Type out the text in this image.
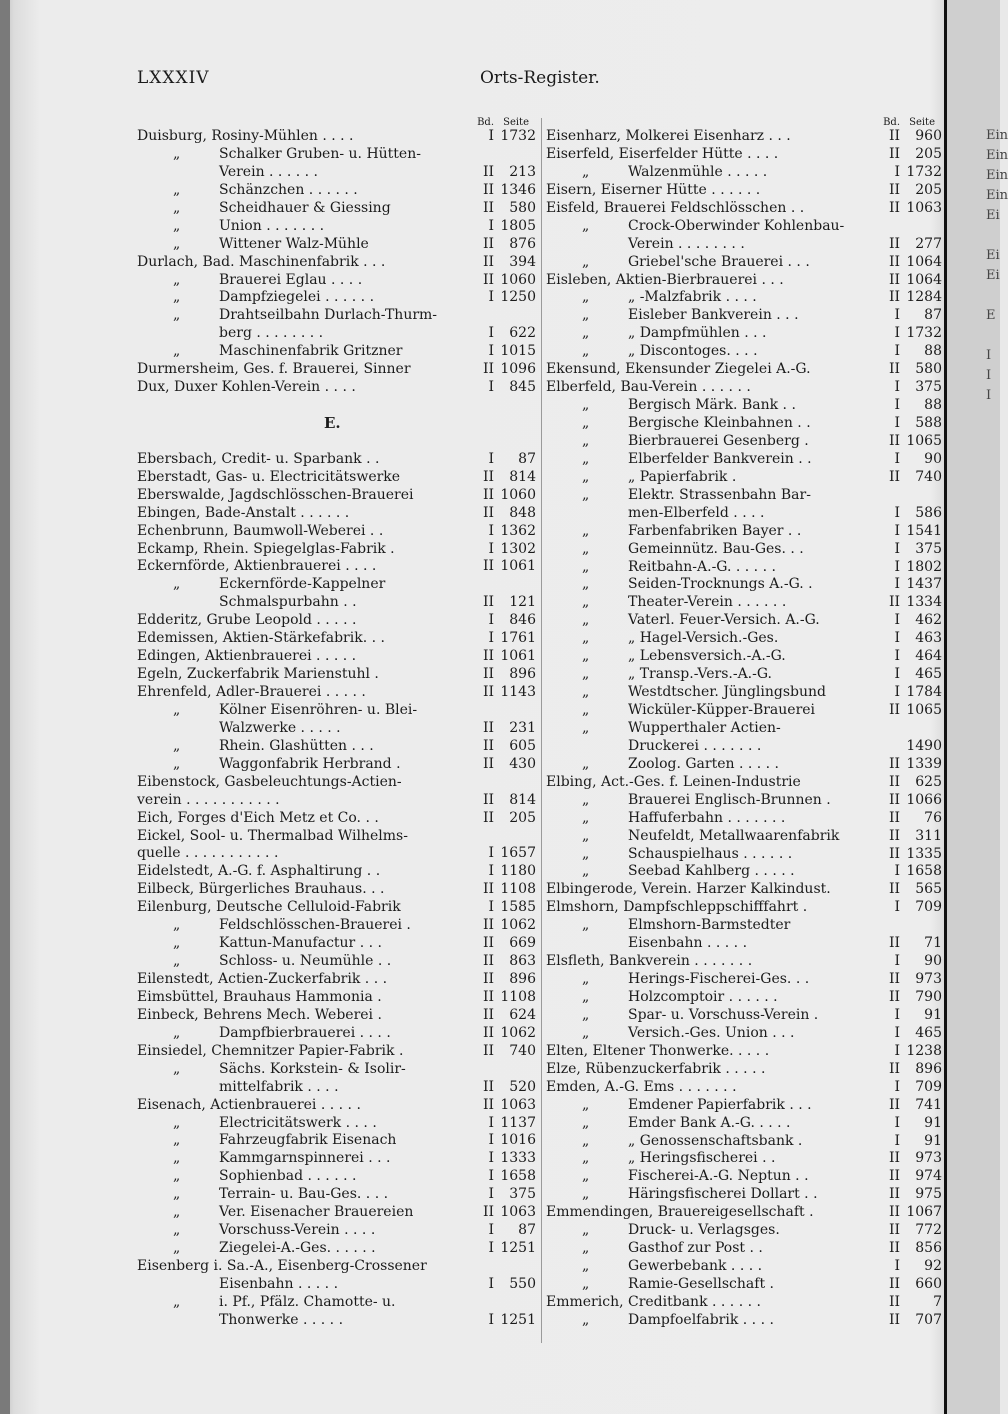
Ein
Ein
Ein
Ein
Ei
Ei
Ei
E
I
I
I
LXXXIV	Orts-Register.
Bd. Seite
Duisburg, Rosiny-Mühlen . . . .	I 1732
„	Schalker Gruben- u. Hütten-
Verein . . . . . .	II 213
„	Schänzchen . . . . . .	II 1346
„	Scheidhauer & Giessing	II 580
„	Union . . . . . . .	I 1805
„	Wittener Walz-Mühle	II 876
Durlach, Bad. Maschinenfabrik . . .	II 394
„	Brauerei Eglau . . . .	II 1060
„	Dampfziegelei . . . . . .	I 1250
„	Drahtseilbahn Durlach-Thurm-
berg . . . . . . . .	I 622
„	Maschinenfabrik Gritzner	I 1015
Durmersheim, Ges. f. Brauerei, Sinner	II 1096
Dux, Duxer Kohlen-Verein . . . .	I 845
E.
Ebersbach, Credit- u. Sparbank . .	I 87
Eberstadt, Gas- u. Electricitätswerke	II 814
Eberswalde, Jagdschlösschen-Brauerei	II 1060
Ebingen, Bade-Anstalt . . . . . .	II 848
Echenbrunn, Baumwoll-Weberei . .	I 1362
Eckamp, Rhein. Spiegelglas-Fabrik .	I 1302
Eckernförde, Aktienbrauerei . . . .	II 1061
„	Eckernförde-Kappelner
Schmalspurbahn . .	II 121
Edderitz, Grube Leopold . . . . .	I 846
Edemissen, Aktien-Stärkefabrik. . .	I 1761
Edingen, Aktienbrauerei . . . . .	II 1061
Egeln, Zuckerfabrik Marienstuhl .	II 896
Ehrenfeld, Adler-Brauerei . . . . .	II 1143
„	Kölner Eisenröhren- u. Blei-
Walzwerke . . . . .	II 231
„	Rhein. Glashütten . . .	II 605
„	Waggonfabrik Herbrand .	II 430
Eibenstock, Gasbeleuchtungs-Actien-
verein . . . . . . . . . . .	II 814
Eich, Forges d'Eich Metz et Co. . .	II 205
Eickel, Sool- u. Thermalbad Wilhelms-
quelle . . . . . . . . . . .	I 1657
Eidelstedt, A.-G. f. Asphaltirung . .	I 1180
Eilbeck, Bürgerliches Brauhaus. . .	II 1108
Eilenburg, Deutsche Celluloid-Fabrik	I 1585
„	Feldschlösschen-Brauerei .	II 1062
„	Kattun-Manufactur . . .	II 669
„	Schloss- u. Neumühle . .	II 863
Eilenstedt, Actien-Zuckerfabrik . . .	II 896
Eimsbüttel, Brauhaus Hammonia .	II 1108
Einbeck, Behrens Mech. Weberei .	II 624
„	Dampfbierbrauerei . . . .	II 1062
Einsiedel, Chemnitzer Papier-Fabrik .	II 740
„	Sächs. Korkstein- & Isolir-
mittelfabrik . . . .	II 520
Eisenach, Actienbrauerei . . . . .	II 1063
„	Electricitätswerk . . . .	I 1137
„	Fahrzeugfabrik Eisenach	I 1016
„	Kammgarnspinnerei . . .	I 1333
„	Sophienbad . . . . . .	I 1658
„	Terrain- u. Bau-Ges. . . .	I 375
„	Ver. Eisenacher Brauereien	II 1063
„	Vorschuss-Verein . . . .	I 87
„	Ziegelei-A.-Ges. . . . . .	I 1251
Eisenberg i. Sa.-A., Eisenberg-Crossener
Eisenbahn . . . . .	I 550
„	i. Pf., Pfälz. Chamotte- u.
Thonwerke . . . . .	I 1251
Bd. Seite
Eisenharz, Molkerei Eisenharz . . .	II 960
Eiserfeld, Eiserfelder Hütte . . . .	II 205
„	Walzenmühle . . . . .	I 1732
Eisern, Eiserner Hütte . . . . . .	II 205
Eisfeld, Brauerei Feldschlösschen . .	II 1063
„	Crock-Oberwinder Kohlenbau-
Verein . . . . . . . .	II 277
„	Griebel'sche Brauerei . . .	II 1064
Eisleben, Aktien-Bierbrauerei . . .	II 1064
„	„ -Malzfabrik . . . .	II 1284
„	Eisleber Bankverein . . .	I 87
„	„ Dampfmühlen . . .	I 1732
„	„ Discontoges. . . .	I 88
Ekensund, Ekensunder Ziegelei A.-G.	II 580
Elberfeld, Bau-Verein . . . . . .	I 375
„	Bergisch Märk. Bank . .	I 88
„	Bergische Kleinbahnen . .	I 588
„	Bierbrauerei Gesenberg .	II 1065
„	Elberfelder Bankverein . .	I 90
„	„ Papierfabrik .	II 740
„	Elektr. Strassenbahn Bar-
men-Elberfeld . . . .	I 586
„	Farbenfabriken Bayer . .	I 1541
„	Gemeinnütz. Bau-Ges. . .	I 375
„	Reitbahn-A.-G. . . . . .	I 1802
„	Seiden-Trocknungs A.-G. .	I 1437
„	Theater-Verein . . . . . .	II 1334
„	Vaterl. Feuer-Versich. A.-G.	I 462
„	„ Hagel-Versich.-Ges.	I 463
„	„ Lebensversich.-A.-G.	I 464
„	„ Transp.-Vers.-A.-G.	I 465
„	Westdtscher. Jünglingsbund	I 1784
„	Wicküler-Küpper-Brauerei	II 1065
„	Wupperthaler Actien-
Druckerei . . . . . . .	1490
„	Zoolog. Garten . . . . .	II 1339
Elbing, Act.-Ges. f. Leinen-Industrie	II 625
„	Brauerei Englisch-Brunnen .	II 1066
„	Haffuferbahn . . . . . . .	II 76
„	Neufeldt, Metallwaarenfabrik	II 311
„	Schauspielhaus . . . . . .	II 1335
„	Seebad Kahlberg . . . . .	I 1658
Elbingerode, Verein. Harzer Kalkindust.	II 565
Elmshorn, Dampfschleppschifffahrt .	I 709
„	Elmshorn-Barmstedter
Eisenbahn . . . . .	II 71
Elsfleth, Bankverein . . . . . . .	I 90
„	Herings-Fischerei-Ges. . .	II 973
„	Holzcomptoir . . . . . .	II 790
„	Spar- u. Vorschuss-Verein .	I 91
„	Versich.-Ges. Union . . .	I 465
Elten, Eltener Thonwerke. . . . .	I 1238
Elze, Rübenzuckerfabrik . . . . .	II 896
Emden, A.-G. Ems . . . . . . .	I 709
„	Emdener Papierfabrik . . .	II 741
„	Emder Bank A.-G. . . . .	I 91
„	„ Genossenschaftsbank .	I 91
„	„ Heringsfischerei . .	II 973
„	Fischerei-A.-G. Neptun . .	II 974
„	Häringsfischerei Dollart . .	II 975
Emmendingen, Brauereigesellschaft .	II 1067
„	Druck- u. Verlagsges.	II 772
„	Gasthof zur Post . .	II 856
„	Gewerbebank . . . .	I 92
„	Ramie-Gesellschaft .	II 660
Emmerich, Creditbank . . . . . .	II 7
„	Dampfoelfabrik . . . .	II 707
